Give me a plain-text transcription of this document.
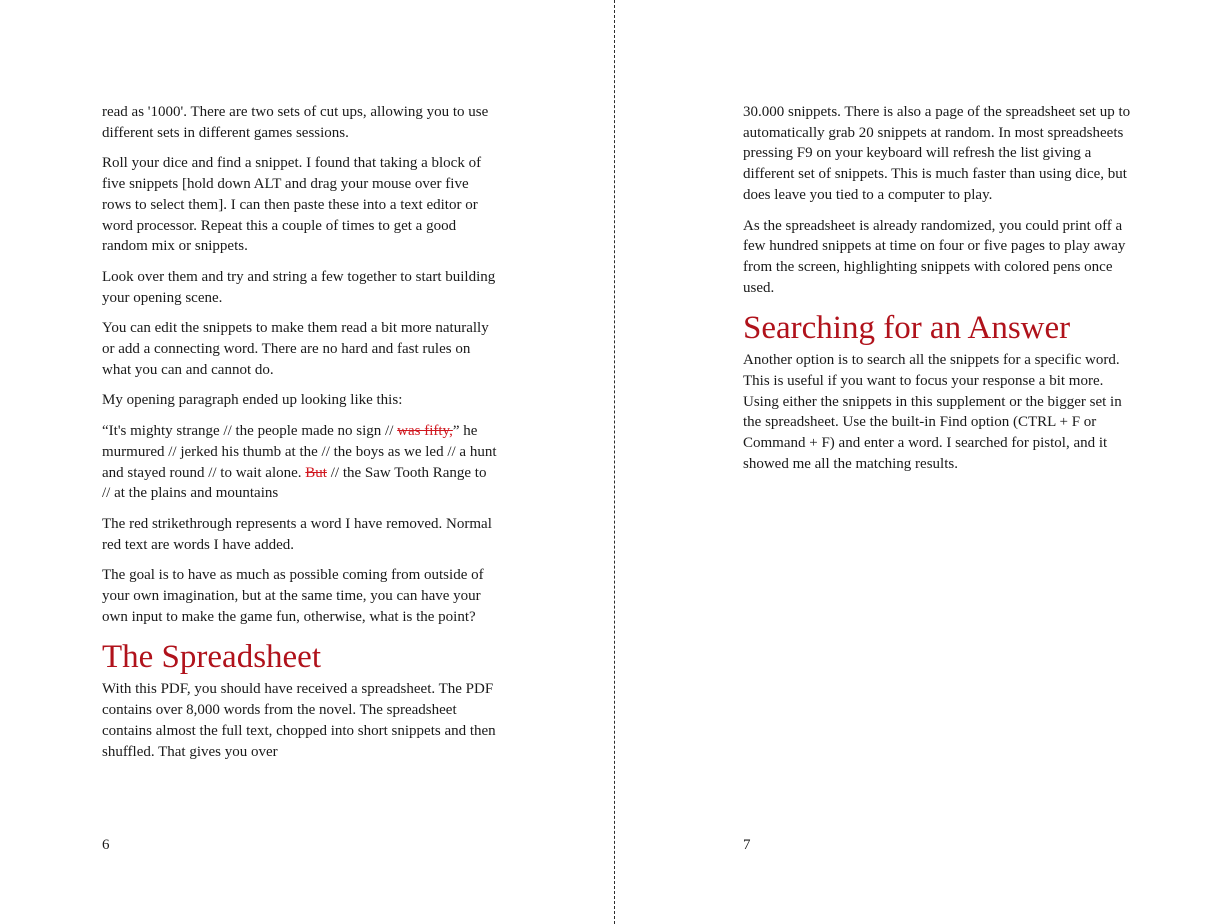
read as '1000'. There are two sets of cut ups, allowing you to use different sets in different games sessions.

Roll your dice and find a snippet. I found that taking a block of five snippets [hold down ALT and drag your mouse over five rows to select them]. I can then paste these into a text editor or word processor. Repeat this a couple of times to get a good random mix or snippets.

Look over them and try and string a few together to start building your opening scene.

You can edit the snippets to make them read a bit more naturally or add a connecting word. There are no hard and fast rules on what you can and cannot do.

My opening paragraph ended up looking like this:

“It's mighty strange // the people made no sign // was fifty,” he murmured // jerked his thumb at the // the boys as we led // a hunt and stayed round // to wait alone. But // the Saw Tooth Range to // at the plains and mountains

The red strikethrough represents a word I have removed. Normal red text are words I have added.

The goal is to have as much as possible coming from outside of your own imagination, but at the same time, you can have your own input to make the game fun, otherwise, what is the point?

The Spreadsheet

With this PDF, you should have received a spreadsheet. The PDF contains over 8,000 words from the novel. The spreadsheet contains almost the full text, chopped into short snippets and then shuffled. That gives you over

6

30.000 snippets. There is also a page of the spreadsheet set up to automatically grab 20 snippets at random. In most spreadsheets pressing F9 on your keyboard will refresh the list giving a different set of snippets. This is much faster than using dice, but does leave you tied to a computer to play.

As the spreadsheet is already randomized, you could print off a few hundred snippets at time on four or five pages to play away from the screen, highlighting snippets with colored pens once used.

Searching for an Answer

Another option is to search all the snippets for a specific word. This is useful if you want to focus your response a bit more. Using either the snippets in this supplement or the bigger set in the spreadsheet. Use the built-in Find option (CTRL + F or Command + F) and enter a word. I searched for pistol, and it showed me all the matching results.

7
